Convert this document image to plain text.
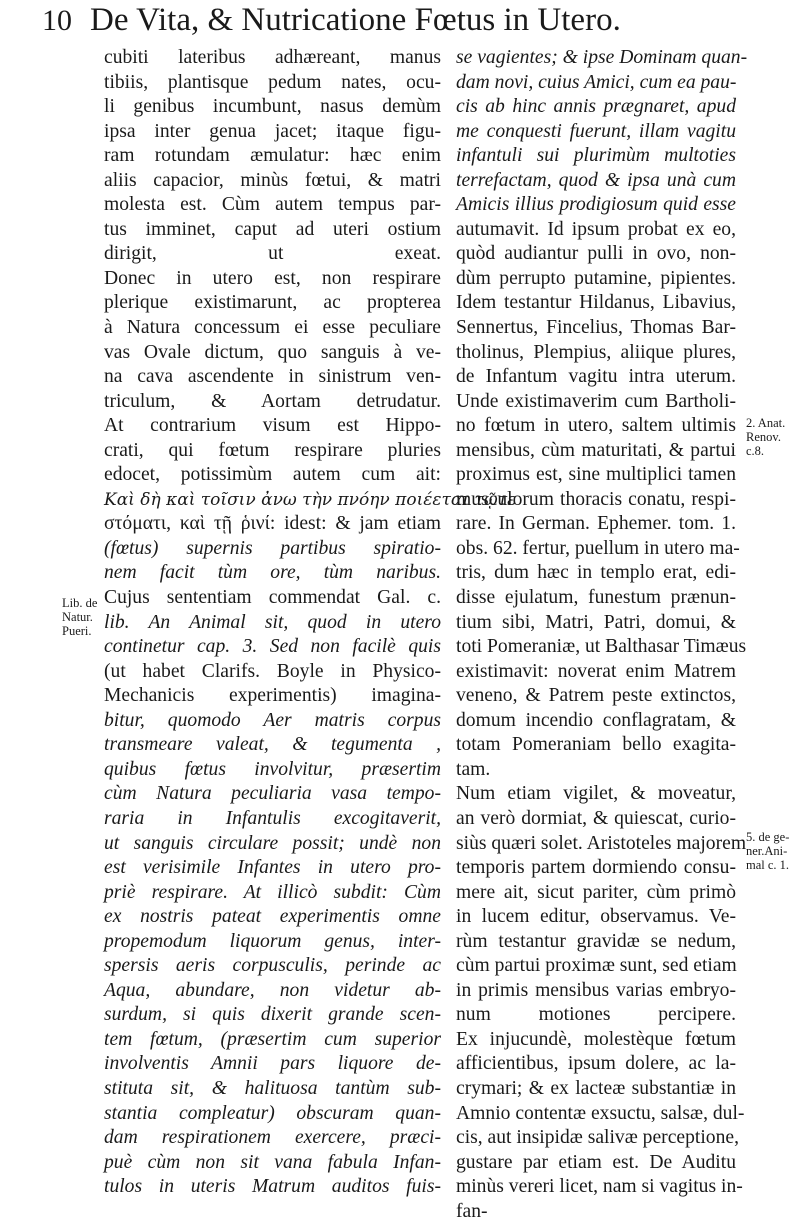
10 De Vita, & Nutricatione Fœtus in Utero.
Lib. de
Natur.
Pueri.
2. Anat.
Renov.
c.8.
5. de ge-
ner.Ani-
mal c. 1.
cubiti lateribus adhæreant, manus
tibiis, plantisque pedum nates, ocu-
li genibus incumbunt, nasus demùm
ipsa inter genua jacet; itaque figu-
ram rotundam æmulatur: hæc enim
aliis capacior, minùs fœtui, & matri
molesta est. Cùm autem tempus par-
tus imminet, caput ad uteri ostium
dirigit, ut exeat.
Donec in utero est, non respirare
plerique existimarunt, ac propterea
à Natura concessum ei esse peculiare
vas Ovale dictum, quo sanguis à ve-
na cava ascendente in sinistrum ven-
triculum, & Aortam detrudatur.
At contrarium visum est Hippo-
crati, qui fœtum respirare pluries
edocet, potissimùm autem cum ait:
Καὶ δὴ καὶ τοῖσιν ἀνω τὴν πνόην ποιέεται τῷτε
στόματι, καὶ τῇ ῥινί: idest: & jam etiam
(fœtus) supernis partibus spiratio-
nem facit tùm ore, tùm naribus.
Cujus sententiam commendat Gal. c.
lib. An Animal sit, quod in utero
continetur cap. 3. Sed non facilè quis
(ut habet Clarifs. Boyle in Physico-
Mechanicis experimentis) imagina-
bitur, quomodo Aer matris corpus
transmeare valeat, & tegumenta ,
quibus fœtus involvitur, præsertim
cùm Natura peculiaria vasa tempo-
raria in Infantulis excogitaverit,
ut sanguis circulare possit; undè non
est verisimile Infantes in utero pro-
priè respirare. At illicò subdit: Cùm
ex nostris pateat experimentis omne
propemodum liquorum genus, inter-
spersis aeris corpusculis, perinde ac
Aqua, abundare, non videtur ab-
surdum, si quis dixerit grande scen-
tem fœtum, (præsertim cum superior
involventis Amnii pars liquore de-
stituta sit, & halituosa tantùm sub-
stantia compleatur) obscuram quan-
dam respirationem exercere, præci-
puè cùm non sit vana fabula Infan-
tulos in uteris Matrum auditos fuis-
se vagientes; & ipse Dominam quan-
dam novi, cuius Amici, cum ea pau-
cis ab hinc annis prægnaret, apud
me conquesti fuerunt, illam vagitu
infantuli sui plurimùm multoties
terrefactam, quod & ipsa unà cum
Amicis illius prodigiosum quid esse
autumavit. Id ipsum probat ex eo,
quòd audiantur pulli in ovo, non-
dùm perrupto putamine, pipientes.
Idem testantur Hildanus, Libavius,
Sennertus, Fincelius, Thomas Bar-
tholinus, Plempius, aliique plures,
de Infantum vagitu intra uterum.
Unde existimaverim cum Bartholi-
no fœtum in utero, saltem ultimis
mensibus, cùm maturitati, & partui
proximus est, sine multiplici tamen
musculorum thoracis conatu, respi-
rare. In German. Ephemer. tom. 1.
obs. 62. fertur, puellum in utero ma-
tris, dum hæc in templo erat, edi-
disse ejulatum, funestum prænun-
tium sibi, Matri, Patri, domui, &
toti Pomeraniæ, ut Balthasar Timæus
existimavit: noverat enim Matrem
veneno, & Patrem peste extinctos,
domum incendio conflagratam, &
totam Pomeraniam bello exagita-
tam.
Num etiam vigilet, & moveatur,
an verò dormiat, & quiescat, curio-
siùs quæri solet. Aristoteles majorem
temporis partem dormiendo consu-
mere ait, sicut pariter, cùm primò
in lucem editur, observamus. Ve-
rùm testantur gravidæ se nedum,
cùm partui proximæ sunt, sed etiam
in primis mensibus varias embryo-
num motiones percipere.
Ex injucundè, molestèque fœtum
afficientibus, ipsum dolere, ac la-
crymari; & ex lacteæ substantiæ in
Amnio contentæ exsuctu, salsæ, dul-
cis, aut insipidæ salivæ perceptione,
gustare par etiam est. De Auditu
minùs vereri licet, nam si vagitus in-
fan-
